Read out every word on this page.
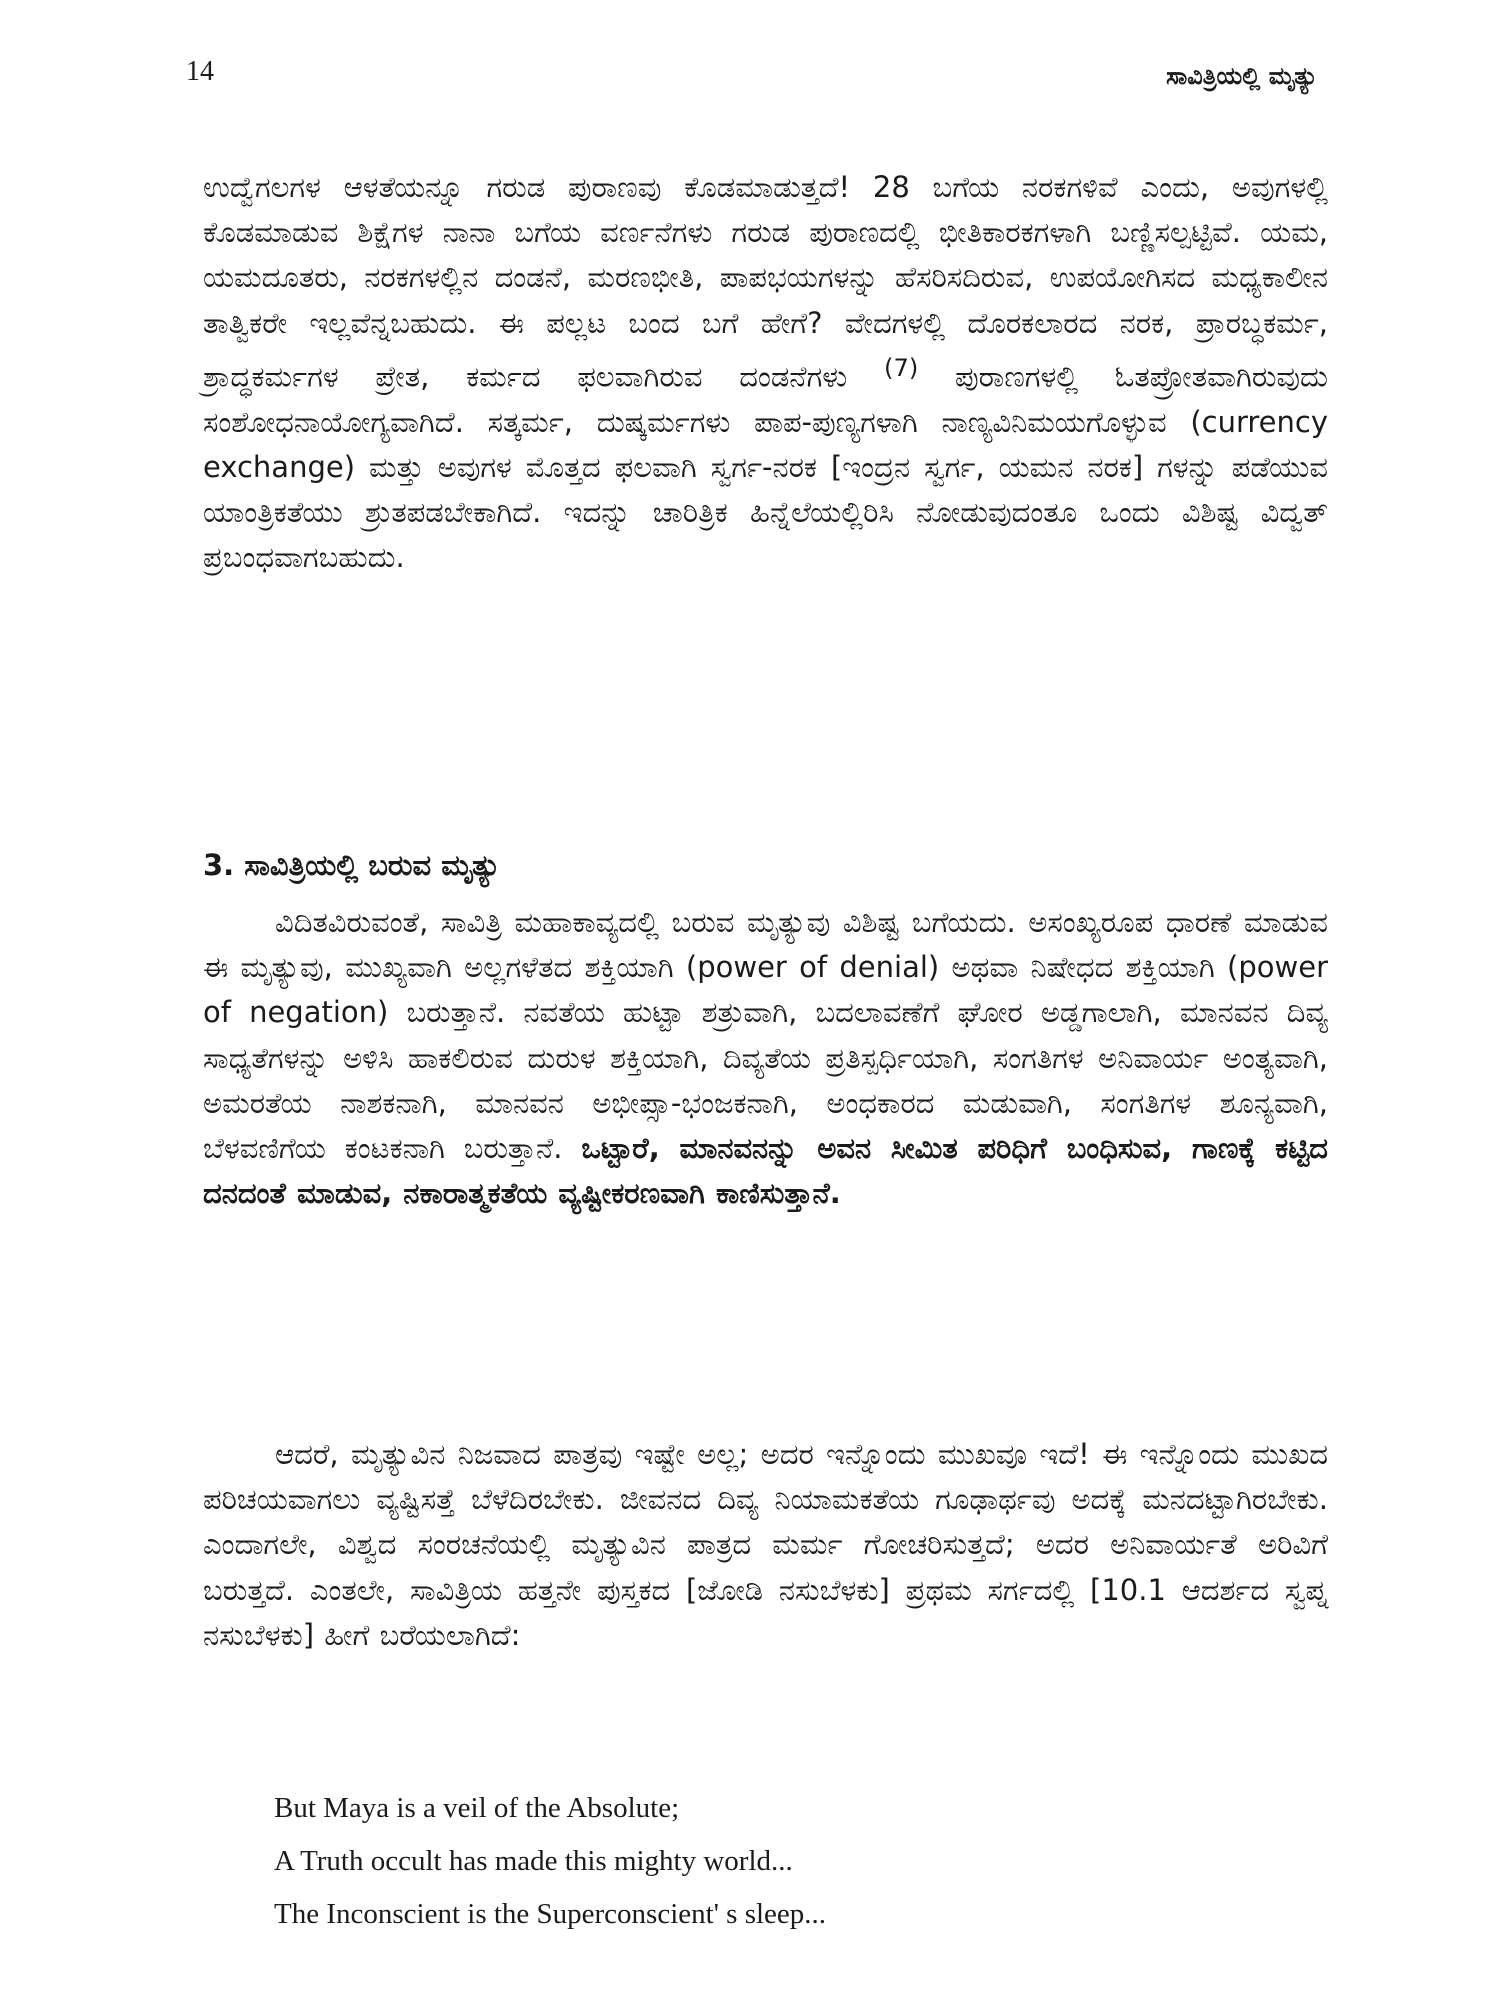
14	ಸಾವಿತ್ರಿಯಲ್ಲಿ ಮೃತ್ಯು

ಉದ್ವೆಗಲಗಳ ಆಳತೆಯನ್ನೂ ಗರುಡ ಪುರಾಣವು ಕೊಡಮಾಡುತ್ತದೆ! 28 ಬಗೆಯ ನರಕಗಳಿವೆ ಎಂದು, ಅವುಗಳಲ್ಲಿ ಕೊಡಮಾಡುವ ಶಿಕ್ಷೆಗಳ ನಾನಾ ಬಗೆಯ ವರ್ಣನೆಗಳು ಗರುಡ ಪುರಾಣದಲ್ಲಿ ಭೀತಿಕಾರಕಗಳಾಗಿ ಬಣ್ಣಿಸಲ್ಪಟ್ಟಿವೆ. ಯಮ, ಯಮದೂತರು, ನರಕಗಳಲ್ಲಿನ ದಂಡನೆ, ಮರಣಭೀತಿ, ಪಾಪಭಯಗಳನ್ನು ಹೆಸರಿಸದಿರುವ, ಉಪಯೋಗಿಸದ ಮಧ್ಯಕಾಲೀನ ತಾತ್ವಿಕರೇ ಇಲ್ಲವೆನ್ನಬಹುದು. ಈ ಪಲ್ಲಟ ಬಂದ ಬಗೆ ಹೇಗೆ? ವೇದಗಳಲ್ಲಿ ದೊರಕಲಾರದ ನರಕ, ಪ್ರಾರಬ್ಧಕರ್ಮ, ಶ್ರಾದ್ಧಕರ್ಮಗಳ ಪ್ರೇತ, ಕರ್ಮದ ಫಲವಾಗಿರುವ ದಂಡನೆಗಳು $^{(7)}$ ಪುರಾಣಗಳಲ್ಲಿ ಓತಪ್ರೋತವಾಗಿರುವುದು ಸಂಶೋಧನಾಯೋಗ್ಯವಾಗಿದೆ. ಸತ್ಕರ್ಮ, ದುಷ್ಕರ್ಮಗಳು ಪಾಪ-ಪುಣ್ಯಗಳಾಗಿ ನಾಣ್ಯವಿನಿಮಯಗೊಳ್ಳುವ (currency exchange) ಮತ್ತು ಅವುಗಳ ಮೊತ್ತದ ಫಲವಾಗಿ ಸ್ವರ್ಗ-ನರಕ [ಇಂದ್ರನ ಸ್ವರ್ಗ, ಯಮನ ನರಕ] ಗಳನ್ನು ಪಡೆಯುವ ಯಾಂತ್ರಿಕತೆಯು ಶ್ರುತಪಡಬೇಕಾಗಿದೆ. ಇದನ್ನು ಚಾರಿತ್ರಿಕ ಹಿನ್ನೆಲೆಯಲ್ಲಿರಿಸಿ ನೋಡುವುದಂತೂ ಒಂದು ವಿಶಿಷ್ಟ ವಿದ್ವತ್ ಪ್ರಬಂಧವಾಗಬಹುದು.

3. ಸಾವಿತ್ರಿಯಲ್ಲಿ ಬರುವ ಮೃತ್ಯು

ವಿದಿತವಿರುವಂತೆ, ಸಾವಿತ್ರಿ ಮಹಾಕಾವ್ಯದಲ್ಲಿ ಬರುವ ಮೃತ್ಯುವು ವಿಶಿಷ್ಟ ಬಗೆಯದು. ಅಸಂಖ್ಯರೂಪ ಧಾರಣೆ ಮಾಡುವ ಈ ಮೃತ್ಯುವು, ಮುಖ್ಯವಾಗಿ ಅಲ್ಲಗಳೆತದ ಶಕ್ತಿಯಾಗಿ (power of denial) ಅಥವಾ ನಿಷೇಧದ ಶಕ್ತಿಯಾಗಿ (power of negation) ಬರುತ್ತಾನೆ. ನವತೆಯ ಹುಟ್ಟಾ ಶತ್ರುವಾಗಿ, ಬದಲಾವಣೆಗೆ ಘೋರ ಅಡ್ಡಗಾಲಾಗಿ, ಮಾನವನ ದಿವ್ಯ ಸಾಧ್ಯತೆಗಳನ್ನು ಅಳಿಸಿ ಹಾಕಲಿರುವ ದುರುಳ ಶಕ್ತಿಯಾಗಿ, ದಿವ್ಯತೆಯ ಪ್ರತಿಸ್ಪರ್ಧಿಯಾಗಿ, ಸಂಗತಿಗಳ ಅನಿವಾರ್ಯ ಅಂತ್ಯವಾಗಿ, ಅಮರತೆಯ ನಾಶಕನಾಗಿ, ಮಾನವನ ಅಭೀಪ್ಸಾ-ಭಂಜಕನಾಗಿ, ಅಂಧಕಾರದ ಮಡುವಾಗಿ, ಸಂಗತಿಗಳ ಶೂನ್ಯವಾಗಿ, ಬೆಳವಣಿಗೆಯ ಕಂಟಕನಾಗಿ ಬರುತ್ತಾನೆ. ಒಟ್ಟಾರೆ, ಮಾನವನನ್ನು ಅವನ ಸೀಮಿತ ಪರಿಧಿಗೆ ಬಂಧಿಸುವ, ಗಾಣಕ್ಕೆ ಕಟ್ಟಿದ ದನದಂತೆ ಮಾಡುವ, ನಕಾರಾತ್ಮಕತೆಯ ವ್ಯಷ್ಟೀಕರಣವಾಗಿ ಕಾಣಿಸುತ್ತಾನೆ.

ಆದರೆ, ಮೃತ್ಯುವಿನ ನಿಜವಾದ ಪಾತ್ರವು ಇಷ್ಟೇ ಅಲ್ಲ; ಅದರ ಇನ್ನೊಂದು ಮುಖವೂ ಇದೆ! ಈ ಇನ್ನೊಂದು ಮುಖದ ಪರಿಚಯವಾಗಲು ವ್ಯಷ್ಟಿಸತ್ತೆ ಬೆಳೆದಿರಬೇಕು. ಜೀವನದ ದಿವ್ಯ ನಿಯಾಮಕತೆಯ ಗೂಢಾರ್ಥವು ಅದಕ್ಕೆ ಮನದಟ್ಟಾಗಿರಬೇಕು. ಎಂದಾಗಲೇ, ವಿಶ್ವದ ಸಂರಚನೆಯಲ್ಲಿ ಮೃತ್ಯುವಿನ ಪಾತ್ರದ ಮರ್ಮ ಗೋಚರಿಸುತ್ತದೆ; ಅದರ ಅನಿವಾರ್ಯತೆ ಅರಿವಿಗೆ ಬರುತ್ತದೆ. ಎಂತಲೇ, ಸಾವಿತ್ರಿಯ ಹತ್ತನೇ ಪುಸ್ತಕದ [ಜೋಡಿ ನಸುಬೆಳಕು] ಪ್ರಥಮ ಸರ್ಗದಲ್ಲಿ [10.1 ಆದರ್ಶದ ಸ್ವಪ್ನ ನಸುಬೆಳಕು] ಹೀಗೆ ಬರೆಯಲಾಗಿದೆ:

But Maya is a veil of the Absolute;

A Truth occult has made this mighty world...

The Inconscient is the Superconscient' s sleep...
